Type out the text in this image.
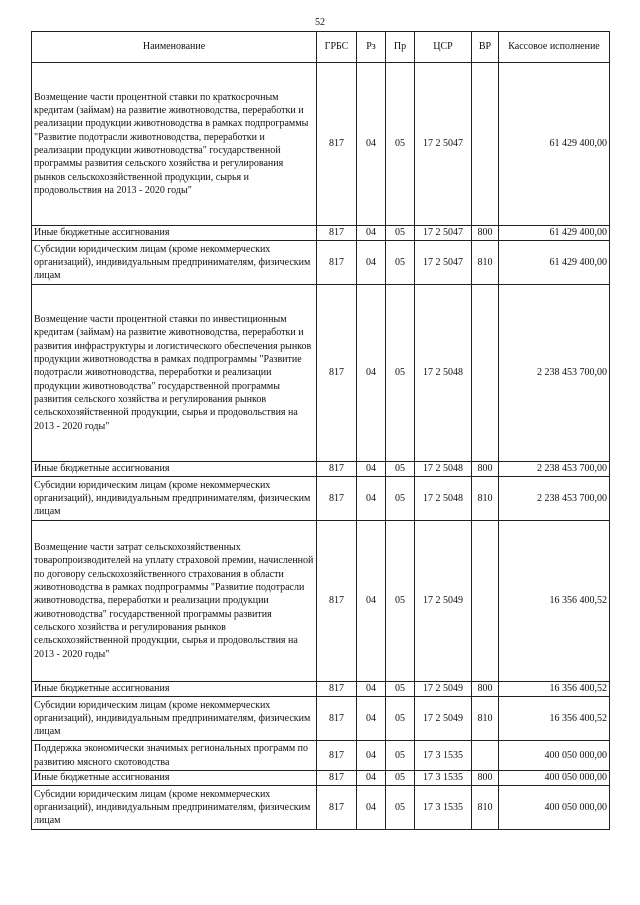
52
Наименование	ГРБС	Рз	Пр	ЦСР	ВР	Кассовое исполнение
Возмещение части процентной ставки по краткосрочным кредитам (займам) на развитие животноводства, переработки и реализации продукции животноводства в рамках подпрограммы "Развитие подотрасли животноводства, переработки и реализации продукции животноводства" государственной программы развития сельского хозяйства и регулирования рынков сельскохозяйственной продукции, сырья и продовольствия на 2013 - 2020 годы"	817	04	05	17 2 5047		61 429 400,00
Иные бюджетные ассигнования	817	04	05	17 2 5047	800	61 429 400,00
Субсидии юридическим лицам (кроме некоммерческих организаций), индивидуальным предпринимателям, физическим лицам	817	04	05	17 2 5047	810	61 429 400,00
Возмещение части процентной ставки по инвестиционным кредитам (займам) на развитие животноводства, переработки и развития инфраструктуры и логистического обеспечения рынков продукции животноводства в рамках подпрограммы "Развитие подотрасли животноводства, переработки и реализации продукции животноводства" государственной программы развития сельского хозяйства и регулирования рынков сельскохозяйственной продукции, сырья и продовольствия на 2013 - 2020 годы"	817	04	05	17 2 5048		2 238 453 700,00
Иные бюджетные ассигнования	817	04	05	17 2 5048	800	2 238 453 700,00
Субсидии юридическим лицам (кроме некоммерческих организаций), индивидуальным предпринимателям, физическим лицам	817	04	05	17 2 5048	810	2 238 453 700,00
Возмещение части затрат сельскохозяйственных товаропроизводителей на уплату страховой премии, начисленной по договору сельскохозяйственного страхования в области животноводства в рамках подпрограммы "Развитие подотрасли животноводства, переработки и реализации продукции животноводства" государственной программы развития сельского хозяйства и регулирования рынков сельскохозяйственной продукции, сырья и продовольствия на 2013 - 2020 годы"	817	04	05	17 2 5049		16 356 400,52
Иные бюджетные ассигнования	817	04	05	17 2 5049	800	16 356 400,52
Субсидии юридическим лицам (кроме некоммерческих организаций), индивидуальным предпринимателям, физическим лицам	817	04	05	17 2 5049	810	16 356 400,52
Поддержка экономически значимых региональных программ по развитию мясного скотоводства	817	04	05	17 3 1535		400 050 000,00
Иные бюджетные ассигнования	817	04	05	17 3 1535	800	400 050 000,00
Субсидии юридическим лицам (кроме некоммерческих организаций), индивидуальным предпринимателям, физическим лицам	817	04	05	17 3 1535	810	400 050 000,00
